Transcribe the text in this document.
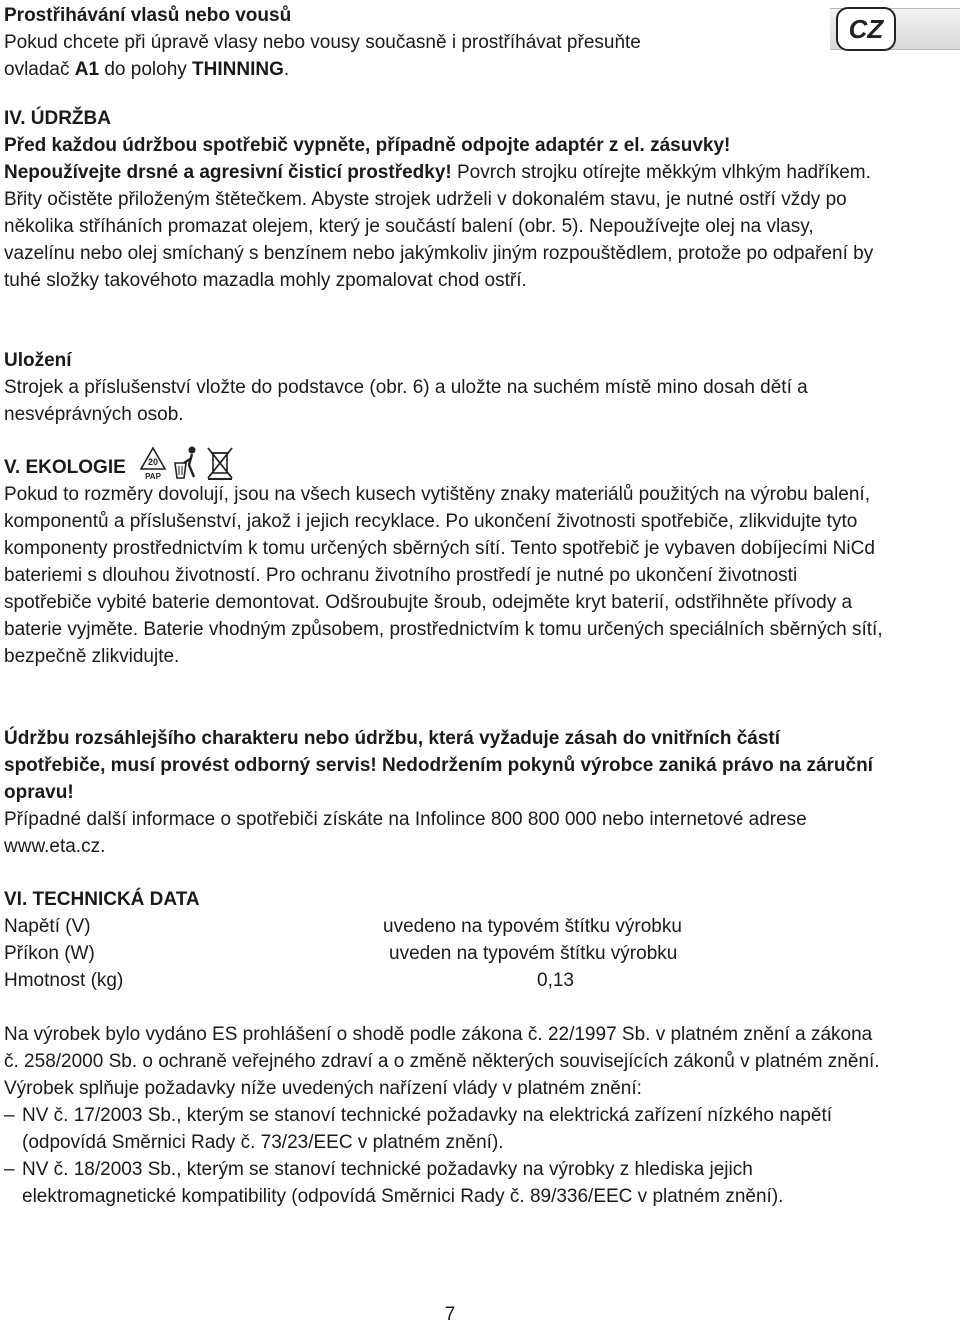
CZ

Prostřihávání vlasů nebo vousů

Pokud chcete při úpravě vlasy nebo vousy současně i prostříhávat přesuňte

ovladač A1 do polohy THINNING.

IV. ÚDRŽBA

Před každou údržbou spotřebič vypněte, případně odpojte adaptér z el. zásuvky!

Nepoužívejte drsné a agresivní čisticí prostředky! Povrch strojku otírejte měkkým vlhkým hadříkem. Břity očistěte přiloženým štětečkem. Abyste strojek udrželi v dokonalém stavu, je nutné ostří vždy po několika stříháních promazat olejem, který je součástí balení (obr. 5). Nepoužívejte olej na vlasy, vazelínu nebo olej smíchaný s benzínem nebo jakýmkoliv jiným rozpouštědlem, protože po odpaření by tuhé složky takovéhoto mazadla mohly zpomalovat chod ostří.

Uložení

Strojek a příslušenství vložte do podstavce (obr. 6) a uložte na suchém místě mino dosah dětí a nesvéprávných osob.

V. EKOLOGIE 20
PAP

Pokud to rozměry dovolují, jsou na všech kusech vytištěny znaky materiálů použitých na výrobu balení, komponentů a příslušenství, jakož i jejich recyklace. Po ukončení životnosti spotřebiče, zlikvidujte tyto komponenty prostřednictvím k tomu určených sběrných sítí. Tento spotřebič je vybaven dobíjecími NiCd bateriemi s dlouhou životností. Pro ochranu životního prostředí je nutné po ukončení životnosti spotřebiče vybité baterie demontovat. Odšroubujte šroub, odejměte kryt baterií, odstřihněte přívody a baterie vyjměte. Baterie vhodným způsobem, prostřednictvím k tomu určených speciálních sběrných sítí, bezpečně zlikvidujte.

Údržbu rozsáhlejšího charakteru nebo údržbu, která vyžaduje zásah do vnitřních částí spotřebiče, musí provést odborný servis! Nedodržením pokynů výrobce zaniká právo na záruční opravu!

Případné další informace o spotřebiči získáte na Infolince 800 800 000 nebo internetové adrese www.eta.cz.

VI. TECHNICKÁ DATA

Napětí (V)	uvedeno na typovém štítku výrobku
Příkon (W)	uveden na typovém štítku výrobku
Hmotnost (kg)	0,13

Na výrobek bylo vydáno ES prohlášení o shodě podle zákona č. 22/1997 Sb. v platném znění a zákona č. 258/2000 Sb. o ochraně veřejného zdraví a o změně některých souvisejících zákonů v platném znění. Výrobek splňuje požadavky níže uvedených nařízení vlády v platném znění:

– NV č. 17/2003 Sb., kterým se stanoví technické požadavky na elektrická zařízení nízkého napětí (odpovídá Směrnici Rady č. 73/23/EEC v platném znění).
– NV č. 18/2003 Sb., kterým se stanoví technické požadavky na výrobky z hlediska jejich elektromagnetické kompatibility (odpovídá Směrnici Rady č. 89/336/EEC v platném znění).
7
